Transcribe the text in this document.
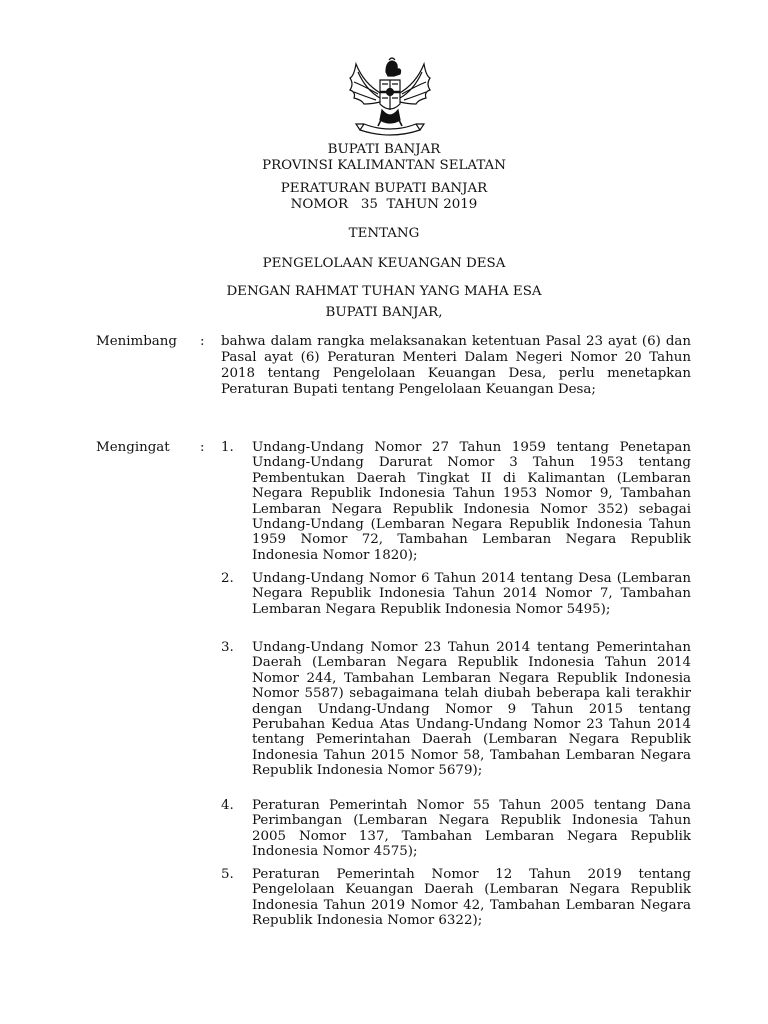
BUPATI BANJAR

PROVINSI KALIMANTAN SELATAN

PERATURAN BUPATI BANJAR

NOMOR   35  TAHUN 2019

TENTANG

PENGELOLAAN KEUANGAN DESA

DENGAN RAHMAT TUHAN YANG MAHA ESA

BUPATI BANJAR,

Menimbang : bahwa dalam rangka melaksanakan ketentuan Pasal 23 ayat (6) dan Pasal ayat (6) Peraturan Menteri Dalam Negeri Nomor 20 Tahun 2018 tentang Pengelolaan Keuangan Desa, perlu menetapkan Peraturan Bupati tentang Pengelolaan Keuangan Desa;

Mengingat : 1. Undang-Undang Nomor 27 Tahun 1959 tentang Penetapan Undang-Undang Darurat Nomor 3 Tahun 1953 tentang Pembentukan Daerah Tingkat II di Kalimantan (Lembaran Negara Republik Indonesia Tahun 1953 Nomor 9, Tambahan Lembaran Negara Republik Indonesia Nomor 352) sebagai Undang-Undang (Lembaran Negara Republik Indonesia Tahun 1959 Nomor 72, Tambahan Lembaran Negara Republik Indonesia Nomor 1820);
2. Undang-Undang Nomor 6 Tahun 2014 tentang Desa (Lembaran Negara Republik Indonesia Tahun 2014 Nomor 7, Tambahan Lembaran Negara Republik Indonesia Nomor 5495);
3. Undang-Undang Nomor 23 Tahun 2014 tentang Pemerintahan Daerah (Lembaran Negara Republik Indonesia Tahun 2014 Nomor 244, Tambahan Lembaran Negara Republik Indonesia Nomor 5587) sebagaimana telah diubah beberapa kali terakhir dengan Undang-Undang Nomor 9 Tahun 2015 tentang Perubahan Kedua Atas Undang-Undang Nomor 23 Tahun 2014 tentang Pemerintahan Daerah (Lembaran Negara Republik Indonesia Tahun 2015 Nomor 58, Tambahan Lembaran Negara Republik Indonesia Nomor 5679);
4. Peraturan Pemerintah Nomor 55 Tahun 2005 tentang Dana Perimbangan (Lembaran Negara Republik Indonesia Tahun 2005 Nomor 137, Tambahan Lembaran Negara Republik Indonesia Nomor 4575);
5. Peraturan Pemerintah Nomor 12 Tahun 2019 tentang Pengelolaan Keuangan Daerah (Lembaran Negara Republik Indonesia Tahun 2019 Nomor 42, Tambahan Lembaran Negara Republik Indonesia Nomor 6322);
